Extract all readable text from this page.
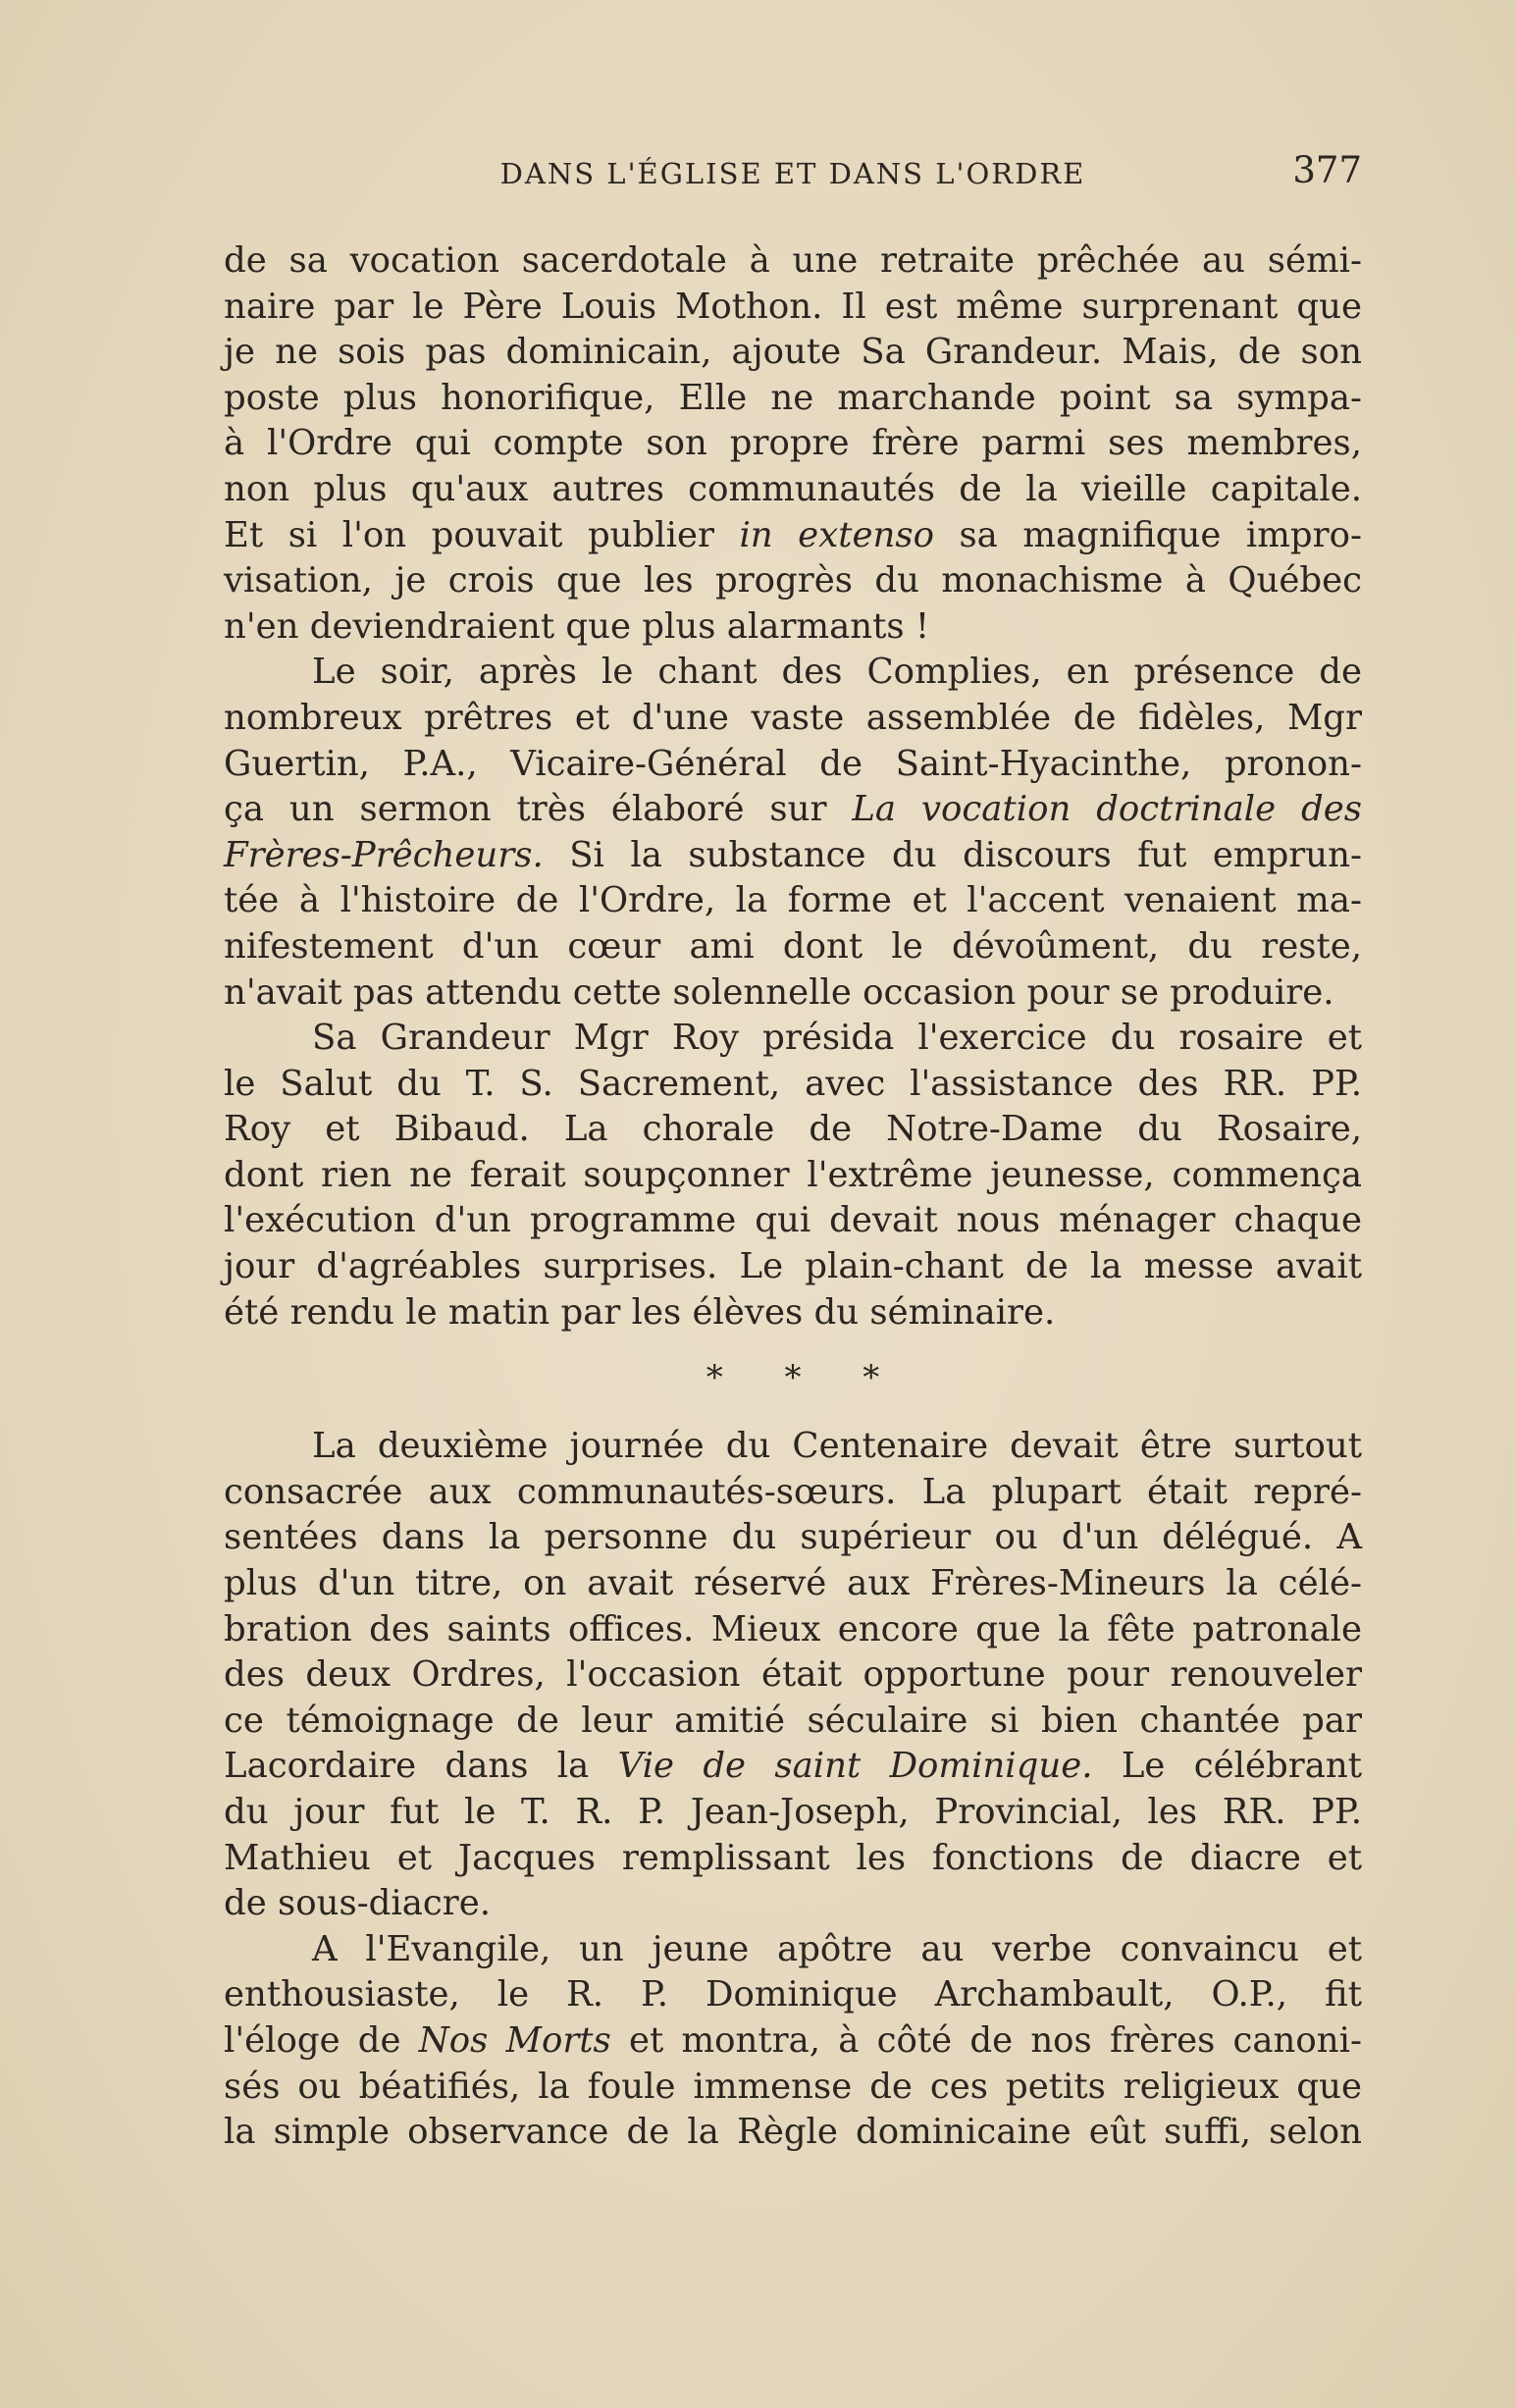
DANS L'ÉGLISE ET DANS L'ORDRE	377
de sa vocation sacerdotale à une retraite prêchée au sémi-
naire par le Père Louis Mothon. Il est même surprenant que
je ne sois pas dominicain, ajoute Sa Grandeur. Mais, de son
poste plus honorifique, Elle ne marchande point sa sympa-
à l'Ordre qui compte son propre frère parmi ses membres,
non plus qu'aux autres communautés de la vieille capitale.
Et si l'on pouvait publier in extenso sa magnifique impro-
visation, je crois que les progrès du monachisme à Québec
n'en deviendraient que plus alarmants !
Le soir, après le chant des Complies, en présence de
nombreux prêtres et d'une vaste assemblée de fidèles, Mgr
Guertin, P.A., Vicaire-Général de Saint-Hyacinthe, pronon-
ça un sermon très élaboré sur La vocation doctrinale des
Frères-Prêcheurs. Si la substance du discours fut emprun-
tée à l'histoire de l'Ordre, la forme et l'accent venaient ma-
nifestement d'un cœur ami dont le dévoûment, du reste,
n'avait pas attendu cette solennelle occasion pour se produire.
Sa Grandeur Mgr Roy présida l'exercice du rosaire et
le Salut du T. S. Sacrement, avec l'assistance des RR. PP.
Roy et Bibaud. La chorale de Notre-Dame du Rosaire,
dont rien ne ferait soupçonner l'extrême jeunesse, commença
l'exécution d'un programme qui devait nous ménager chaque
jour d'agréables surprises. Le plain-chant de la messe avait
été rendu le matin par les élèves du séminaire.
* * *
La deuxième journée du Centenaire devait être surtout
consacrée aux communautés-sœurs. La plupart était repré-
sentées dans la personne du supérieur ou d'un délégué. A
plus d'un titre, on avait réservé aux Frères-Mineurs la célé-
bration des saints offices. Mieux encore que la fête patronale
des deux Ordres, l'occasion était opportune pour renouveler
ce témoignage de leur amitié séculaire si bien chantée par
Lacordaire dans la Vie de saint Dominique. Le célébrant
du jour fut le T. R. P. Jean-Joseph, Provincial, les RR. PP.
Mathieu et Jacques remplissant les fonctions de diacre et
de sous-diacre.
A l'Evangile, un jeune apôtre au verbe convaincu et
enthousiaste, le R. P. Dominique Archambault, O.P., fit
l'éloge de Nos Morts et montra, à côté de nos frères canoni-
sés ou béatifiés, la foule immense de ces petits religieux que
la simple observance de la Règle dominicaine eût suffi, selon
